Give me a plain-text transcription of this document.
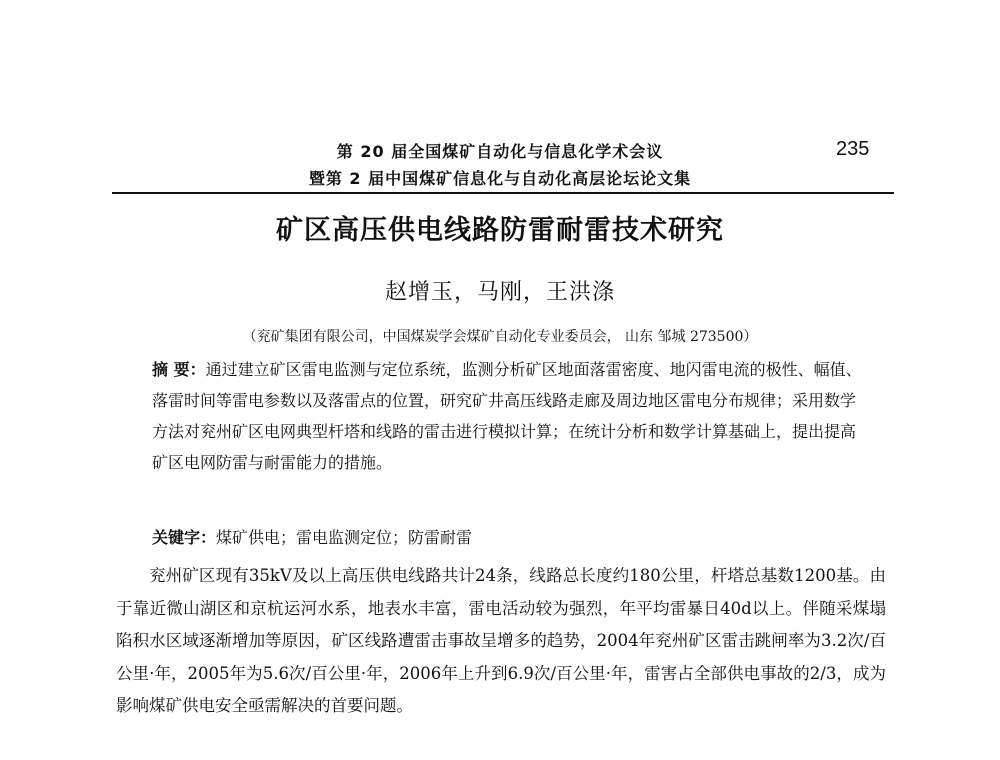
第 20 届全国煤矿自动化与信息化学术会议
暨第 2 届中国煤矿信息化与自动化高层论坛论文集
235
矿区高压供电线路防雷耐雷技术研究
赵增玉，马刚，王洪涤
（兖矿集团有限公司，中国煤炭学会煤矿自动化专业委员会， 山东 邹城 273500）
摘 要：通过建立矿区雷电监测与定位系统，监测分析矿区地面落雷密度、地闪雷电流的极性、幅值、落雷时间等雷电参数以及落雷点的位置，研究矿井高压线路走廊及周边地区雷电分布规律；采用数学方法对兖州矿区电网典型杆塔和线路的雷击进行模拟计算；在统计分析和数学计算基础上，提出提高矿区电网防雷与耐雷能力的措施。
关键字：煤矿供电；雷电监测定位；防雷耐雷
兖州矿区现有35kV及以上高压供电线路共计24条，线路总长度约180公里，杆塔总基数1200基。由于靠近微山湖区和京杭运河水系，地表水丰富，雷电活动较为强烈，年平均雷暴日40d以上。伴随采煤塌陷积水区域逐渐增加等原因，矿区线路遭雷击事故呈增多的趋势，2004年兖州矿区雷击跳闸率为3.2次/百公里·年，2005年为5.6次/百公里·年，2006年上升到6.9次/百公里·年，雷害占全部供电事故的2/3，成为影响煤矿供电安全亟需解决的首要问题。
